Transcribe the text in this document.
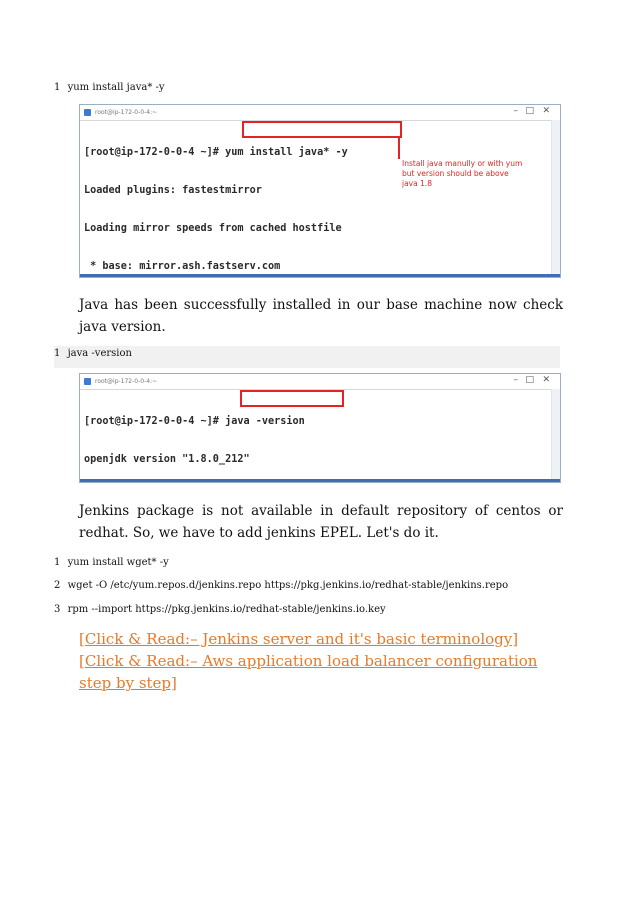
1 yum install java* -y
root@ip-172-0-0-4:~	– □ ✕

[root@ip-172-0-0-4 ~]# yum install java* -y

Loaded plugins: fastestmirror

Loading mirror speeds from cached hostfile

* base: mirror.ash.fastserv.com

Install java manully or with yum
but version should be above
java 1.8
Java has been successfully installed in our base machine now check java version.
1 java -version
root@ip-172-0-0-4:~	– □ ✕

[root@ip-172-0-0-4 ~]# java -version

openjdk version "1.8.0_212"

Jenkins package is not available in default repository of centos or redhat. So, we have to add jenkins EPEL. Let's do it.
1 yum install wget* -y
2 wget -O /etc/yum.repos.d/jenkins.repo https://pkg.jenkins.io/redhat-stable/jenkins.repo
3 rpm --import https://pkg.jenkins.io/redhat-stable/jenkins.io.key
[Click & Read:– Jenkins server and it's basic terminology]
[Click & Read:– Aws application load balancer configuration step by step]
